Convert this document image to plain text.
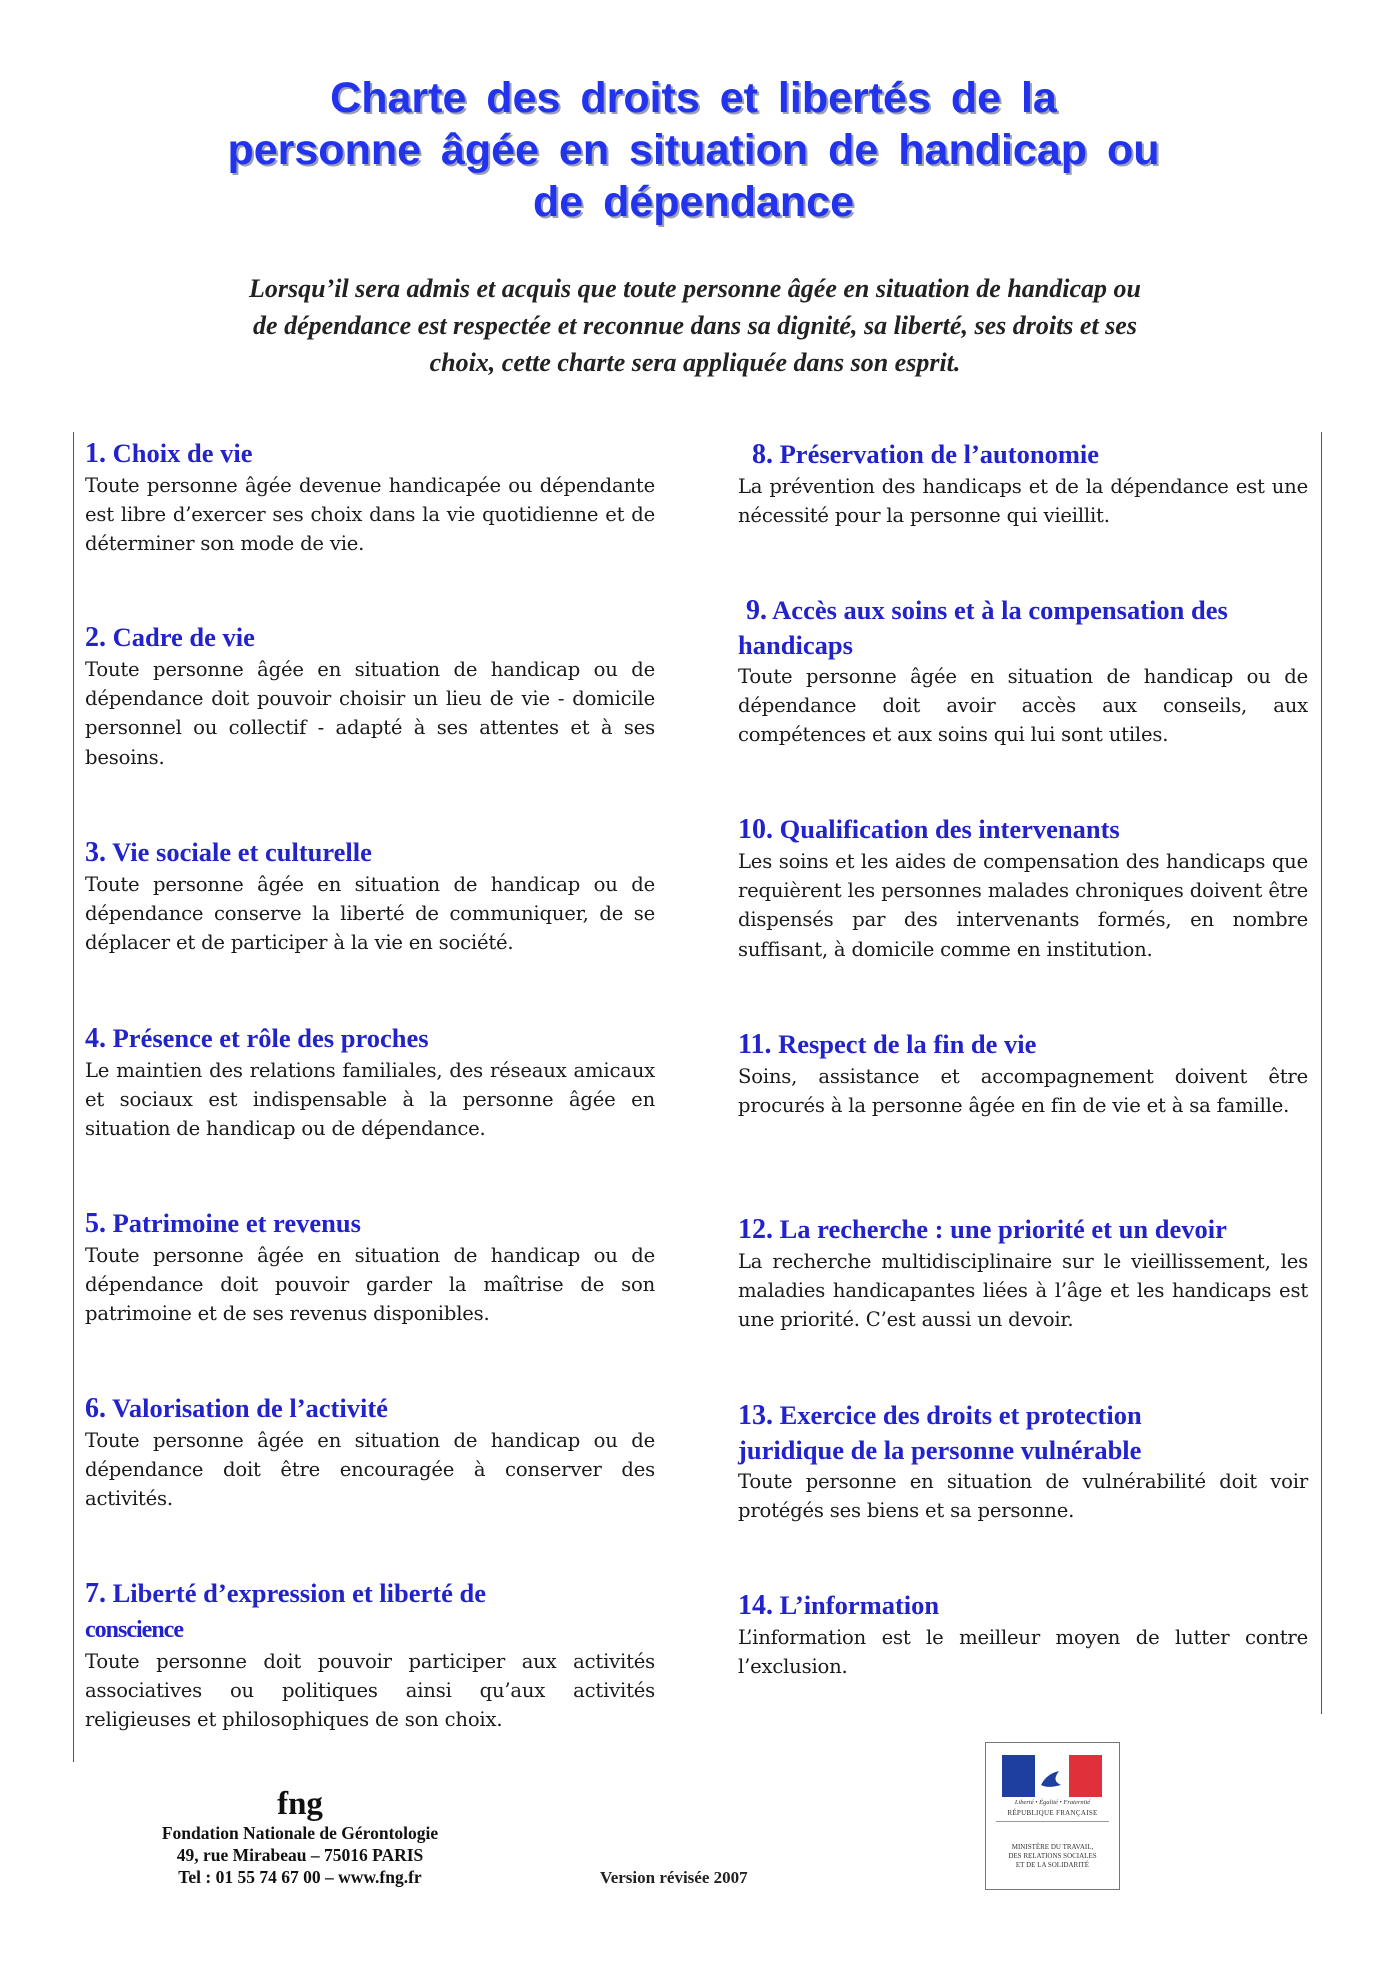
Charte des droits et libertés de la
personne âgée en situation de handicap ou
de dépendance

Lorsqu’il sera admis et acquis que toute personne âgée en situation de handicap ou
de dépendance est respectée et reconnue dans sa dignité, sa liberté, ses droits et ses
choix, cette charte sera appliquée dans son esprit.

1. Choix de vie

Toute personne âgée devenue handicapée ou dépendante est libre d’exercer ses choix dans la vie quotidienne et de déterminer son mode de vie.

2. Cadre de vie

Toute personne âgée en situation de handicap ou de dépendance doit pouvoir choisir un lieu de vie - domicile personnel ou collectif - adapté à ses attentes et à ses besoins.

3. Vie sociale et culturelle

Toute personne âgée en situation de handicap ou de dépendance conserve la liberté de communiquer, de se déplacer et de participer à la vie en société.

4. Présence et rôle des proches

Le maintien des relations familiales, des réseaux amicaux et sociaux est indispensable à la personne âgée en situation de handicap ou de dépendance.

5. Patrimoine et revenus

Toute personne âgée en situation de handicap ou de dépendance doit pouvoir garder la maîtrise de son patrimoine et de ses revenus disponibles.

6. Valorisation de l’activité

Toute personne âgée en situation de handicap ou de dépendance doit être encouragée à conserver des activités.

7. Liberté d’expression et liberté de
conscience

Toute personne doit pouvoir participer aux activités associatives ou politiques ainsi qu’aux activités religieuses et philosophiques de son choix.

8. Préservation de l’autonomie

La prévention des handicaps et de la dépendance est une nécessité pour la personne qui vieillit.

9. Accès aux soins et à la compensation des
handicaps

Toute personne âgée en situation de handicap ou de dépendance doit avoir accès aux conseils, aux compétences et aux soins qui lui sont utiles.

10. Qualification des intervenants

Les soins et les aides de compensation des handicaps que requièrent les personnes malades chroniques doivent être dispensés par des intervenants formés, en nombre suffisant, à domicile comme en institution.

11. Respect de la fin de vie

Soins, assistance et accompagnement doivent être procurés à la personne âgée en fin de vie et à sa famille.

12. La recherche : une priorité et un devoir

La recherche multidisciplinaire sur le vieillissement, les maladies handicapantes liées à l’âge et les handicaps est une priorité. C’est aussi un devoir.

13. Exercice des droits et protection
juridique de la personne vulnérable

Toute personne en situation de vulnérabilité doit voir protégés ses biens et sa personne.

14. L’information

L’information est le meilleur moyen de lutter contre l’exclusion.

fng
Fondation Nationale de Gérontologie
49, rue Mirabeau – 75016 PARIS
Tel : 01 55 74 67 00 – www.fng.fr	Version révisée 2007
Liberté • Égalité • Fraternité
RÉPUBLIQUE FRANÇAISE
MINISTÈRE DU TRAVAIL,
DES RELATIONS SOCIALES
ET DE LA SOLIDARITÉ
